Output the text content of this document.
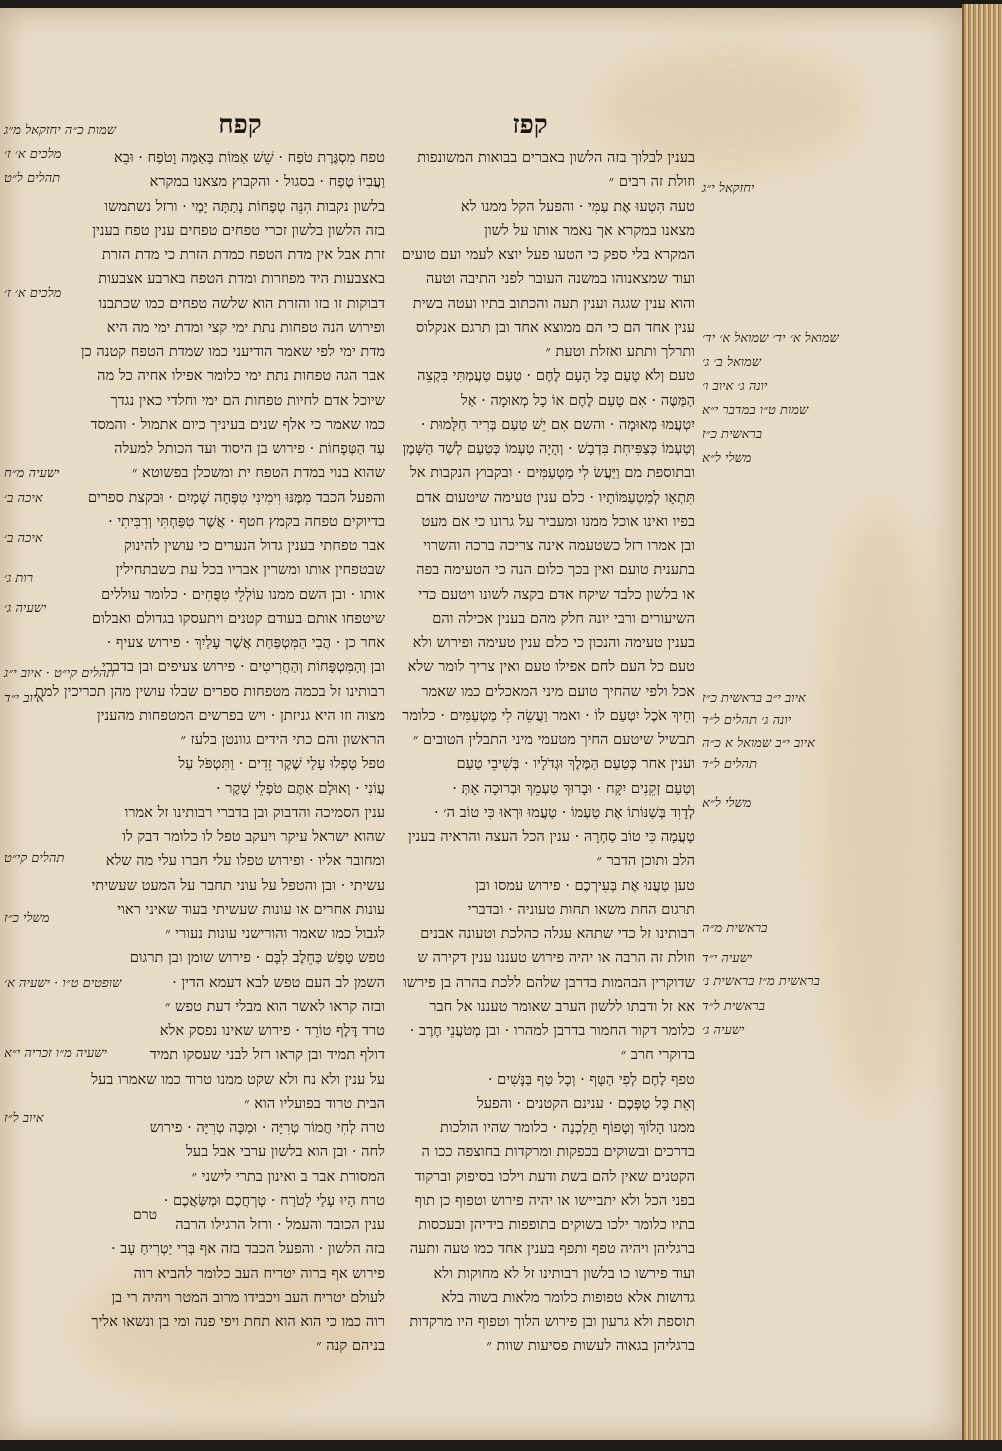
קפז
קפח
בענין לבלוך בזה הלשון באברים בבואות המשונפות
וזולת זה רבים ״
טעה הִטְעוּ אֶת עַמִּי · והפעל הקל ממנו לא
מצאנו במקרא אך נאמר אותו על לשון
המקרא בלי ספק כי הטעו פעל יוצא לעמי ועם טועים
ועוד שמצאנוהו במשנה העובר לפני התיבה וטעה
והוא ענין שגגה וענין תעה והכתוב בתיו ועטה בשית
ענין אחד הם כי הם ממוצא אחד ובן תרגם אנקלוס
ותרלך ותתע ואזלת וטעת ״
טעם וְלֹא טָעַם כָּל הָעָם לֶחֶם · טַעַם טַעֲמְתִּי בִּקְצֵה
הַמַּטֶּה · אִם טָעַם לֶחֶם אוֹ כָל מְאוּמָה · אַל
יִטְעֲמוּ מְאוּמָה · והשם אִם יֵשׁ טַעַם בְּרִיר חַלָּמוּת ·
וְטַעְמוֹ כְּצַפִּיחִת בִּדְבָשׁ · וְהָיָה טַעְמוֹ כְּטַעַם לְשַׁד הַשָּׁמֶן
ובתוספת מם וַיַּעֲשׂ לִי מַטְעַמִּים · ובקבוץ הנקבות אל
תִּתְאָו לְמַטְעַמּוֹתָיו · כלם ענין טעימה שיטעום אדם
בפיו ואינו אוכל ממנו ומעביר על גרונו כי אם מעט
ובן אמרו רזל כשטעמה אינה צריכה ברכה והשרוי
בתענית טועם ואין בכך כלום הנה כי הטעימה בפה
או בלשון כלבד שיקח אדם בקצה לשונו ויטעם כדי
השיעורים ורבי יונה חלק מהם בענין אכילה והם
בענין טעימה והנכון כי כלם ענין טעימה ופירוש ולא
טעם כל העם לחם אפילו טעם ואין צריך לומר שלא
אכל ולפי שהחיך טועם מיני המאכלים כמו שאמר
וְחֵיךְ אֹכֶל יִטְעַם לוֹ · ואמר וַעֲשֵׂה לִי מַטְעַמִּים · כלומר
תבשיל שיטעם החיך מטעמי מיני התבלין הטובים ״
וענין אחר כְּטַעַם הַמֶּלֶךְ וּגְדֹלָיו · בְּשִׁיבֵי טַעַם
וְטַעַם זְקֵנִים יִקָּח · וּבָרוּךְ טַעְמֵךְ וּבְרוּכָה אָתְּ ·
לְדָוִד בְּשַׁנּוֹתוֹ אֶת טַעְמוֹ · טַעֲמוּ וּרְאוּ כִּי טוֹב ה׳ ·
טָעֲמָה כִּי טוֹב סַחְרָהּ · ענין הכל העצה והראיה בענין
הלב ותוכן הדבר ״
טען טַעֲנוּ אֶת בְּעִירְכֶם · פירוש עמסו ובן
תרגום החת משאו תחות טעוניה · ובדברי
רבותינו זל כדי שתהא עגלה כהלכת וטעונה אבנים
וזולת זה הרבה או יהיה פירוש טעננו ענין דקירה ש
שדוקרין הבהמות בדרבן שלהם ללכת בהרה בן פירשו
אא זל ודבתו ללשון הערב שאומר טעננו אל חבר
כלומר דקור החמור בדרבן למהרו · ובן מְטֹעֲנֵי חֶרֶב ·
בדוקרי חרב ״
טפף לֶחֶם לְפִי הַטָּף · וְכָל טַף בַּנָּשִׁים ·
וְאֵת כָּל טַפְּכֶם · ענינם הקטנים · והפעל
ממנו הָלוֹךְ וְטָפוֹף תֵּלַכְנָה · כלומר שהיו הולכות
בדרכים ובשוקים בכפקות ומרקדות בחוצפה ככו ה
הקטנים שאין להם בשת ודעת וילכו בסיפוק וברקוד
בפני הכל ולא יתביישו או יהיה פירוש וטפוף כן תוף
בתיו כלומר ילכו בשוקים בתופפות בידיהן ובעכסות
ברגליהן ויהיה טפף ותפף בענין אחד כמו טעה ותעה
ועוד פירשו כו בלשון רבותינו זל לא מחוקות ולא
גדושות אלא טפופות כלומר מלאות בשוה בלא
תוספת ולא גרעון ובן פירוש הלוך וטפוף היו מרקדות
ברגליהן בגאוה לעשות פסיעות שוות ״
טפח מִסְגֶּרֶת טֹפַח · שֵׁשׁ אַמּוֹת בָּאַמָּה וָטֹפַח · וּבֵא
וַעֲבִיוֹ טֶפַח · בסגול · והקבוץ מצאנו במקרא
בלשון נקבות הִנֵּה טְפָחוֹת נָתַתָּה יָמַי · ורזל נשתמשו
בזה הלשון בלשון זכרי טפחים טפחים ענין טפח בענין
זרת אבל אין מדת הטפח כמדת הזרת כי מדת הזרת
באצבעות היד מפוזרות ומדת הטפח בארבע אצבעות
דבוקות זו בזו והזרת הוא שלשה טפחים כמו שכתבנו
ופירוש הנה טפחות נתת ימי קצי ומדת ימי מה היא
מדת ימי לפי שאמר הודיעני כמו שמדת הטפח קטנה כן
אבר הגה טפחות נתת ימי כלומר אפילו אחיה כל מה
שיוכל אדם לחיות טפחות הם ימי וחלדי כאין נגדך
כמו שאמר כי אלף שנים בעיניך כיום אתמול · והמסד
עַד הַטְּפָחוֹת · פירוש בן היסוד ועד הכותל למעלה
שהוא בנוי במדת הטפח ית ומשכלן בפשוטא ״
והפעל הכבד מִמֶּנּוּ וִימִינִי טִפְּחָה שָׁמָיִם · וּבקצת ספרים
בדיוקים טפחה בקמץ חטף · אֲשֶׁר טִפַּחְתִּי וְרִבִּיתִי ·
אבר טפחתי בענין גדול הנערים כי עושין להינוק
שבטפחין אותו ומשרין אבריו בכל עת כשבתחילין
אותו · ובן השם ממנו עוֹלְלֵי טִפֻּחִים · כלומר עוללים
שיטפחו אותם בעודם קטנים ויתעסקו בגדולם ואבלום
אחר כן · הֲבִי הַמִּטְפַּחַת אֲשֶׁר עָלַיִךְ · פירוש צעיף ·
ובן וְהַמִּטְפָּחוֹת וְהַחֲרִיטִים · פירוש צעיפים ובן בדברי
רבותינו זל בכמה מטפחות ספרים שבלו עושין מהן תכריכין למת
מצוה וזו היא גניזתן · ויש בפרשים המטפחות מהענין
הראשון והם כתי הידים גוונטן בלעז ״
טפל טָפְלוּ עָלַי שֶׁקֶר זֵדִים · וַתִּטְפֹּל עַל
עֲוֹנִי · וְאוּלָם אַתֶּם טֹפְלֵי שָׁקֶר ·
ענין הסמיכה והדבוק ובן בדברי רבותינו זל אמרו
שהוא ישראל עיקר ויעקב טפל לו כלומר דבק לו
ומחובר אליו · ופירוש טפלו עלי חברו עלי מה שלא
עשיתי · ובן והטפל על עוני תחבר על המעט שעשיתי
עונות אחרים או עונות שעשיתי בעוד שאיני ראוי
לגבול כמו שאמר והורישני עונות נעורי ״
טפש טָפַשׁ כַּחֵלֶב לִבָּם · פירוש שומן ובן תרגום
השמן לב העם טפש לבא דעמא הדין ·
ובזה קראו לאשר הוא מבלי דעת טפש ״
טרד דֶּלֶף טוֹרֵד · פירוש שאינו נפסק אלא
דולף תמיד ובן קראו רזל לבני שעסקו תמיד
על ענין ולא נח ולא שקט ממנו טרוד כמו שאמרו בעל
הבית טרוד בפועליו הוא ״
טרה לְחִי חֲמוֹר טְרִיָּה · וּמַכָּה טְרִיָּה · פירוש
לחה · ובן הוא בלשון ערבי אבל בעל
המסורת אבר ב ואינון בתרי לישני ״
טרח הָיוּ עָלַי לָטֹרַח · טָרְחֲכֶם וּמַשַּׂאֲכֶם ·
ענין הכובד והעמל · ורזל הרגילו הרבה
בזה הלשון · והפעל הכבד בזה אף בְּרִי יַטְרִיחַ עָב ·
פירוש אף ברוה יטריח העב כלומר להביא רוה
לעולם יטריח העב ויכבידו מרוב המטר ויהיה רי בן
רוה כמו כי הוא הוא תחת ויפי פנה ומי בן ונשאו אליך
בניהם קנה ״
יחזקאל י״ג
שמואל א׳ יד׳ שמואל א׳ יד׳
שמואל ב׳ ג׳
יונה ג׳ איוב ו׳
שמות ט״ו במדבר י״א
בראשית כ״ז
משלי ל״א
איוב י״ב בראשית כ״ז
יונה ג׳ תהלים ל״ד
איוב י״ב שמואל א כ״ה
תהלים ל״ד
משלי ל״א
בראשית מ״ה
ישעיה י״ד
בראשית מ״ז בראשית נ׳
בראשית ל״ד
ישעיה ג׳
שמות כ״ה יחזקאל מ״ג
מלכים א׳ ז׳
תהלים ל״ט
מלכים א׳ ז׳
ישעיה מ״ח
איכה ב׳
איכה ב׳
רות ג׳
ישעיה ג׳
תהלים קי״ט · איוב י״ג
איוב י״ד
תהלים קי״ט
משלי כ״ז
שופטים ט״ו · ישעיה א׳
ישעיה מ״ו זכריה י״א
איוב ל״ז
טרם
